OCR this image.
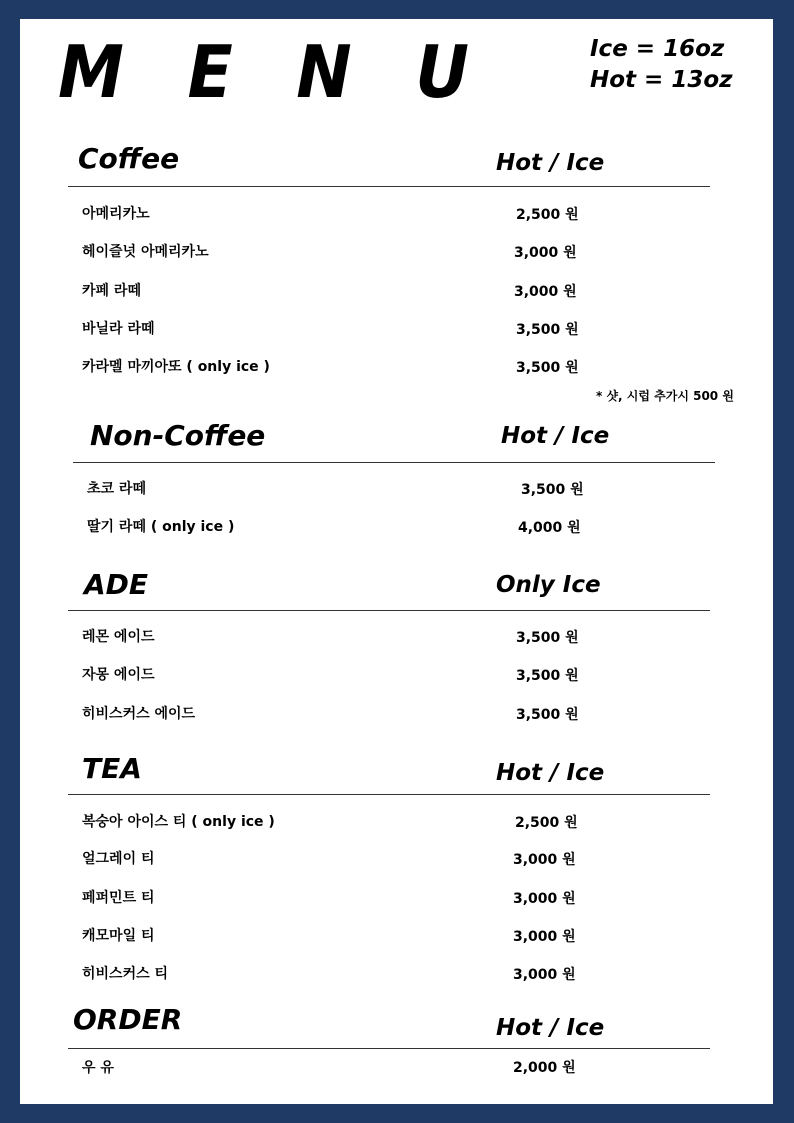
M E N U	Ice = 16oz
Hot = 13oz
Coffee	Hot / Ice
아메리카노	2,500 원
헤이즐넛 아메리카노	3,000 원
카페 라떼	3,000 원
바닐라 라떼	3,500 원
카라멜 마끼아또 ( only ice )	3,500 원
* 샷, 시럽 추가시 500 원
Non-Coffee	Hot / Ice
초코 라떼	3,500 원
딸기 라떼 ( only ice )	4,000 원
ADE	Only Ice
레몬 에이드	3,500 원
자몽 에이드	3,500 원
히비스커스 에이드	3,500 원
TEA	Hot / Ice
복숭아 아이스 티 ( only ice )	2,500 원
얼그레이 티	3,000 원
페퍼민트 티	3,000 원
캐모마일 티	3,000 원
히비스커스 티	3,000 원
ORDER	Hot / Ice
우 유	2,000 원
